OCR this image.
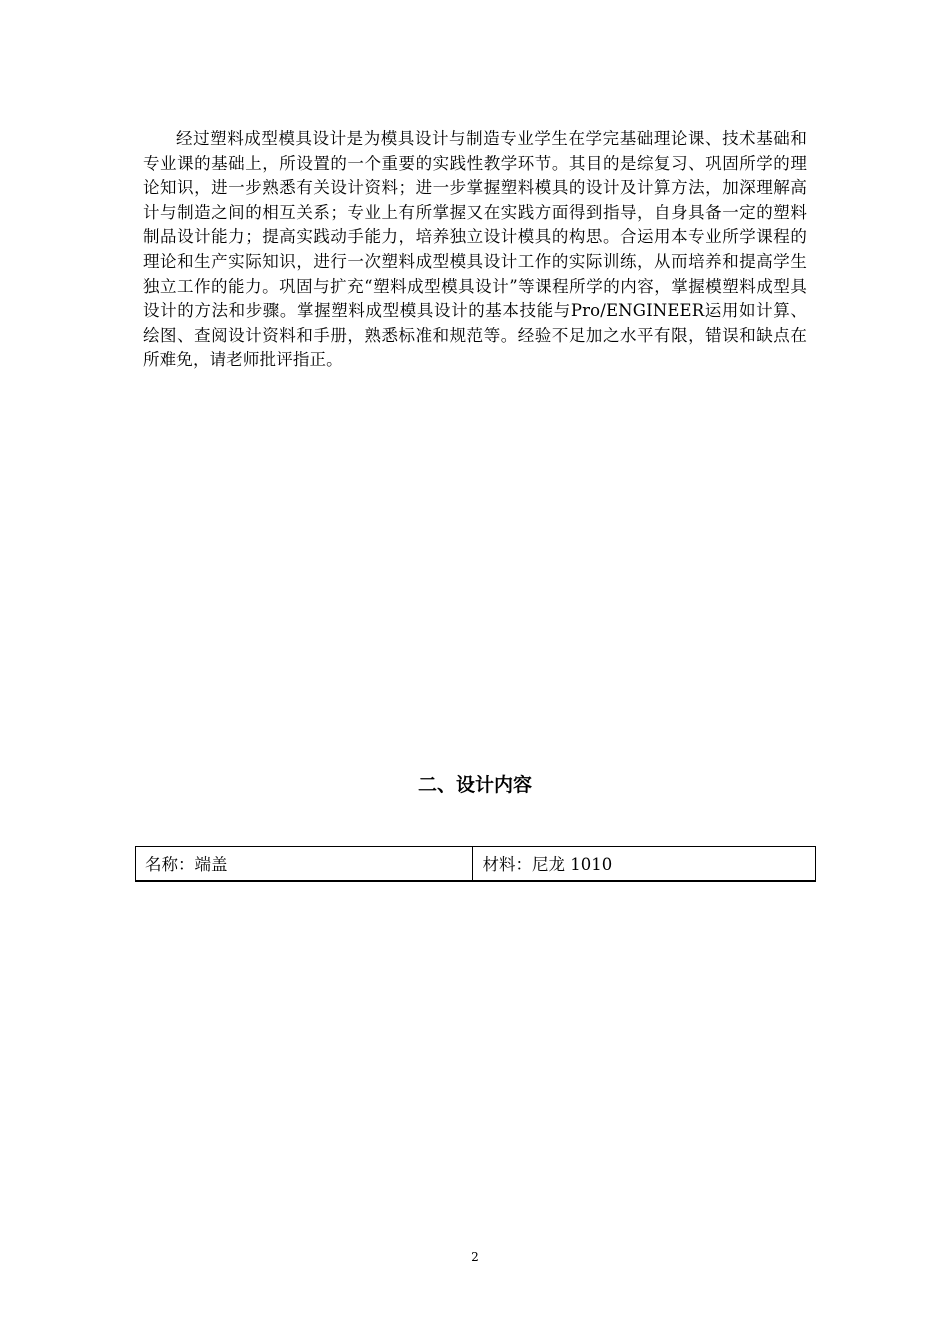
经过塑料成型模具设计是为模具设计与制造专业学生在学完基础理论课、技术基础和专业课的基础上，所设置的一个重要的实践性教学环节。其目的是综复习、巩固所学的理论知识，进一步熟悉有关设计资料；进一步掌握塑料模具的设计及计算方法，加深理解高计与制造之间的相互关系；专业上有所掌握又在实践方面得到指导，自身具备一定的塑料制品设计能力；提高实践动手能力，培养独立设计模具的构思。合运用本专业所学课程的理论和生产实际知识，进行一次塑料成型模具设计工作的实际训练，从而培养和提高学生独立工作的能力。巩固与扩充“塑料成型模具设计”等课程所学的内容，掌握模塑料成型具设计的方法和步骤。掌握塑料成型模具设计的基本技能与Pro/ENGINEER运用如计算、绘图、查阅设计资料和手册，熟悉标准和规范等。经验不足加之水平有限，错误和缺点在所难免，请老师批评指正。

二、设计内容
名称：端盖	材料：尼龙 1010
2
